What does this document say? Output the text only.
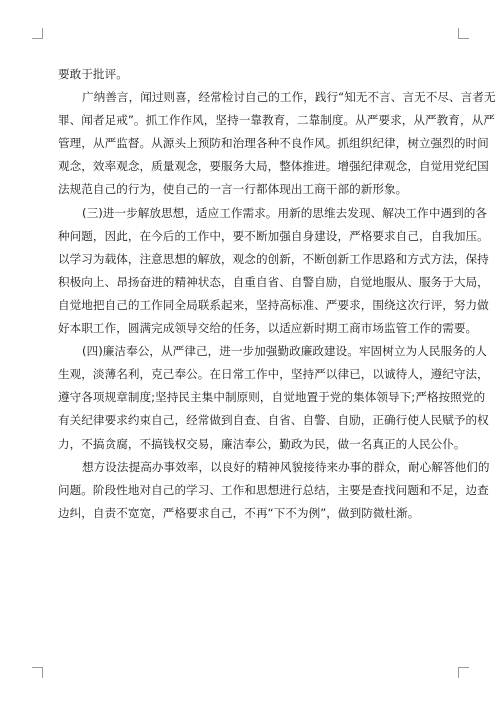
要敢于批评。
广纳善言，闻过则喜，经常检讨自己的工作，践行“知无不言、言无不尽、言者无
罪、闻者足戒”。抓工作作风，坚持一靠教育，二靠制度。从严要求，从严教育，从严
管理，从严监督。从源头上预防和治理各种不良作风。抓组织纪律，树立强烈的时间
观念，效率观念，质量观念，要服务大局，整体推进。增强纪律观念，自觉用党纪国
法规范自己的行为，使自己的一言一行都体现出工商干部的新形象。
(三)进一步解放思想，适应工作需求。用新的思维去发现、解决工作中遇到的各
种问题，因此，在今后的工作中，要不断加强自身建设，严格要求自己，自我加压。
以学习为载体，注意思想的解放，观念的创新，不断创新工作思路和方式方法，保持
积极向上、昂扬奋进的精神状态，自重自省、自警自励，自觉地服从、服务于大局，
自觉地把自己的工作同全局联系起来，坚持高标准、严要求，围绕这次行评，努力做
好本职工作，圆满完成领导交给的任务，以适应新时期工商市场监管工作的需要。
(四)廉洁奉公，从严律己，进一步加强勤政廉政建设。牢固树立为人民服务的人
生观，淡薄名利，克己奉公。在日常工作中，坚持严以律已，以诚待人，遵纪守法，
遵守各项规章制度;坚持民主集中制原则，自觉地置于党的集体领导下;严格按照党的
有关纪律要求约束自己，经常做到自查、自省、自警、自励，正确行使人民赋予的权
力，不搞贪腐，不搞钱权交易，廉洁奉公，勤政为民，做一名真正的人民公仆。
想方设法提高办事效率，以良好的精神风貌接待来办事的群众，耐心解答他们的
问题。阶段性地对自己的学习、工作和思想进行总结，主要是查找问题和不足，边查
边纠，自责不宽宽，严格要求自己，不再“下不为例”，做到防微杜渐。
